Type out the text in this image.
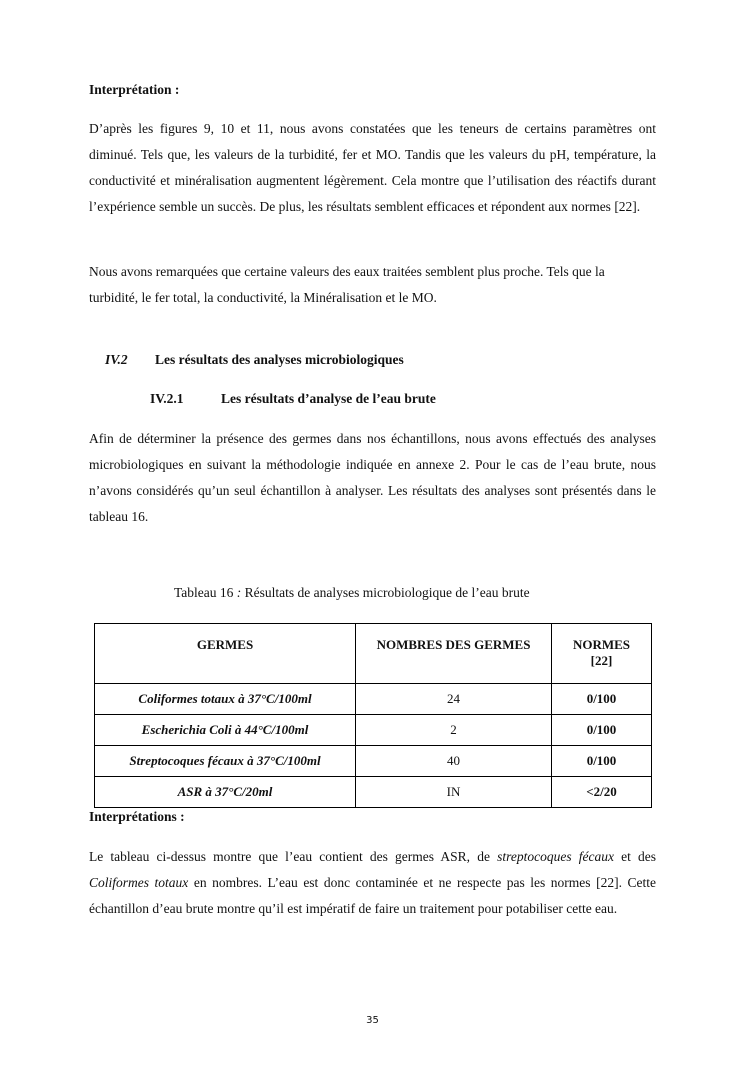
Interprétation :

D’après les figures 9, 10 et 11, nous avons constatées que les teneurs de certains paramètres ont diminué. Tels que, les valeurs de la turbidité, fer et MO. Tandis que les valeurs du pH, température, la conductivité et minéralisation augmentent légèrement. Cela montre que l’utilisation des réactifs durant l’expérience semble un succès. De plus, les résultats semblent efficaces et répondent aux normes [22].

Nous avons remarquées que certaine valeurs des eaux traitées semblent plus proche. Tels que la turbidité, le fer total, la conductivité, la Minéralisation et le MO.

Afin de déterminer la présence des germes dans nos échantillons, nous avons effectués des analyses microbiologiques en suivant la méthodologie indiquée en annexe 2. Pour le cas de l’eau brute, nous n’avons considérés qu’un seul échantillon à analyser. Les résultats des analyses sont présentés dans le tableau 16.

Interprétations :

Le tableau ci-dessus montre que l’eau contient des germes ASR, de streptocoques fécaux et des Coliformes totaux en nombres. L’eau est donc contaminée et ne respecte pas les normes [22]. Cette échantillon d’eau brute montre qu’il est impératif de faire un traitement pour potabiliser cette eau.

IV.2 Les résultats des analyses microbiologiques
IV.2.1	Les résultats d’analyse de l’eau brute
Tableau 16 : Résultats de analyses microbiologique de l’eau brute
GERMES	NOMBRES DES GERMES	NORMES
[22]
Coliformes totaux à 37°C/100ml	24	0/100
Escherichia Coli à 44°C/100ml	2	0/100
Streptocoques fécaux à 37°C/100ml	40	0/100
ASR à 37°C/20ml	IN	<2/20
35
